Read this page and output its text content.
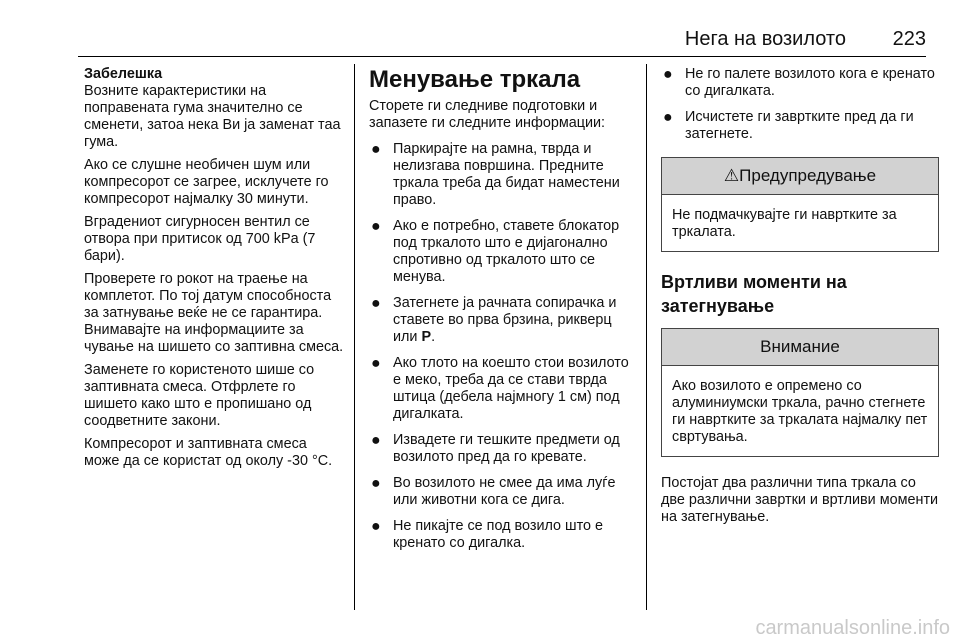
Нега на возилото 223

Забелешка

Возните карактеристики на поправената гума значително се сменети, затоа нека Ви ја заменат таа гума.

Ако се слушне необичен шум или компресорот се загрее, исклучете го компресорот најмалку 30 минути.

Вградениот сигурносен вентил се отвора при притисок од 700 kPa (7 бари).

Проверете го рокот на траење на комплетот. По тој датум способноста за затнување веќе не се гарантира. Внимавајте на информациите за чување на шишето со заптивна смеса.

Заменете го користеното шише со заптивната смеса. Отфрлете го шишето како што е пропишано од соодветните закони.

Компресорот и заптивната смеса може да се користат од околу -30 °C.

Менување тркала

Сторете ги следниве подготовки и запазете ги следните информации:

● Паркирајте на рамна, тврда и нелизгава површина. Предните тркала треба да бидат наместени право.
● Ако е потребно, ставете блокатор под тркалото што е дијагонално спротивно од тркалото што се менува.
● Затегнете ја рачната сопирачка и ставете во прва брзина, рикверц или P.
● Ако тлото на коешто стои возилото е меко, треба да се стави тврда штица (дебела најмногу 1 см) под дигалката.
● Извадете ги тешките предмети од возилото пред да го кревате.
● Во возилото не смее да има луѓе или животни кога се дига.
● Не пикајте се под возило што е кренато со дигалка.
● Не го палете возилото кога е кренато со дигалката.
● Исчистете ги завртките пред да ги затегнете.
⚠Предупредување
Не подмачкувајте ги навртките за тркалата.
Вртливи моменти на затегнување
Внимание
Ако возилото е опремено со алуминиумски тркала, рачно стегнете ги навртките за тркалата најмалку пет свртувања.

Постојат два различни типа тркала со две различни завртки и вртливи моменти на затегнување.

carmanualsonline.info
